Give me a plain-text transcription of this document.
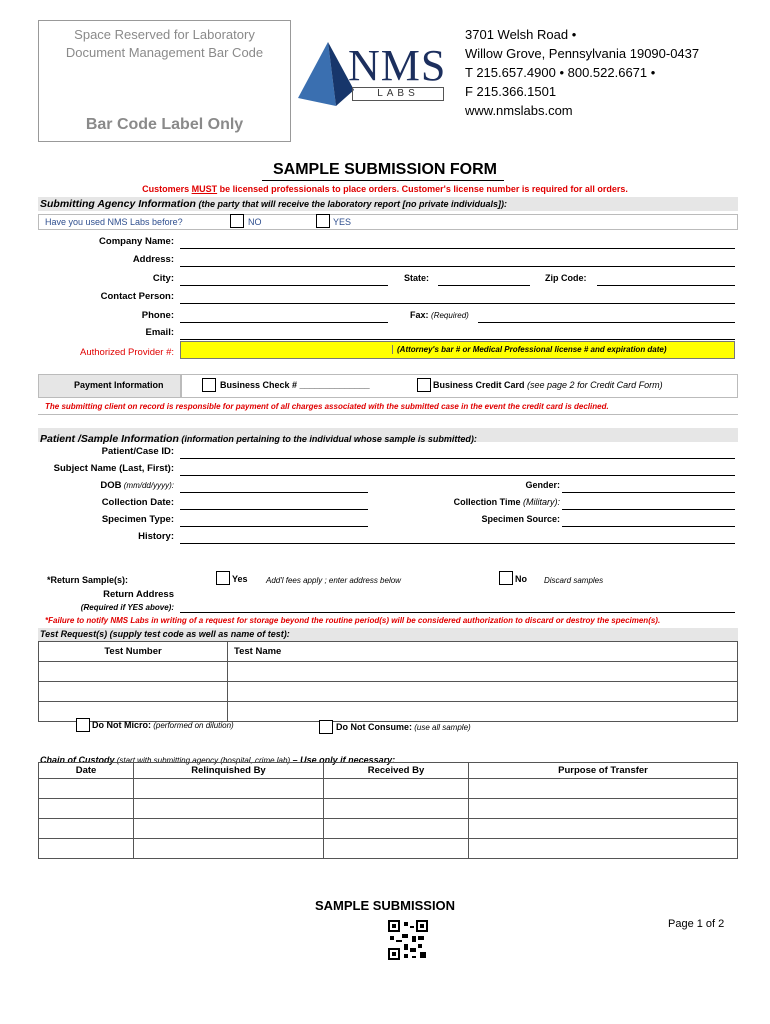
Space Reserved for Laboratory
Document Management Bar Code
Bar Code Label Only
NMS
LABS
3701 Welsh Road •
Willow Grove, Pennsylvania 19090-0437
T 215.657.4900 • 800.522.6671 •
F 215.366.1501
www.nmslabs.com
SAMPLE SUBMISSION FORM
Customers MUST be licensed professionals to place orders. Customer's license number is required for all orders.
Submitting Agency Information (the party that will receive the laboratory report [no private individuals]):
Have you used NMS Labs before?	NO	YES
Company Name:
Address:
City:	State:	Zip Code:
Contact Person:
Phone:	Fax: (Required)
Email:
Authorized Provider #:	(Attorney's bar # or Medical Professional license # and expiration date)
Payment Information	Business Check # ______________	Business Credit Card (see page 2 for Credit Card Form)
The submitting client on record is responsible for payment of all charges associated with the submitted case in the event the credit card is declined.
Patient /Sample Information (information pertaining to the individual whose sample is submitted):
Patient/Case ID:
Subject Name (Last, First):
DOB (mm/dd/yyyy):	Gender:
Collection Date:	Collection Time (Military):
Specimen Type:	Specimen Source:
History:
*Return Sample(s):	Yes Add'l fees apply ; enter address below	No Discard samples
Return Address
(Required if YES above):
*Failure to notify NMS Labs in writing of a request for storage beyond the routine period(s) will be considered authorization to discard or destroy the specimen(s).
Test Request(s) (supply test code as well as name of test):
Test Number	Test Name

Do Not Micro: (performed on dilution)	Do Not Consume: (use all sample)
Chain of Custody (start with submitting agency (hospital, crime lab) – Use only if necessary:
Date	Relinquished By	Received By	Purpose of Transfer

SAMPLE SUBMISSION
Page 1 of 2
